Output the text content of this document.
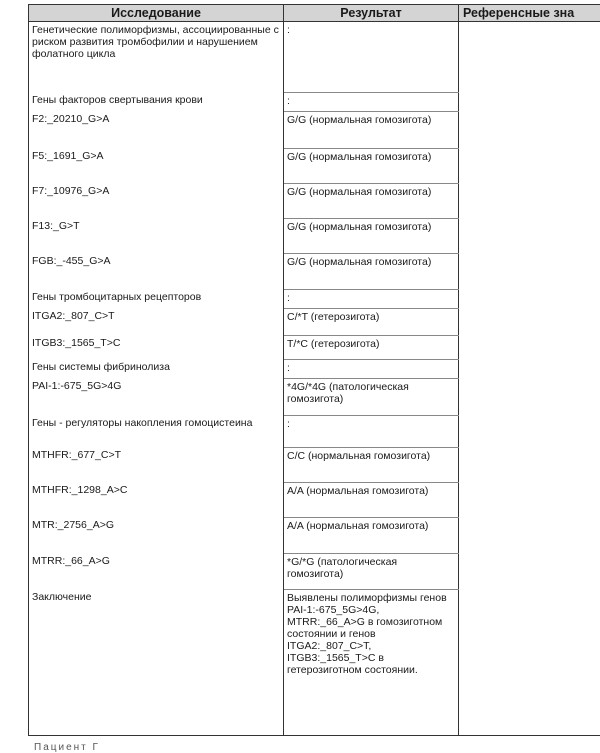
Исследование	Результат	Референсные зна
Генетические полиморфизмы, ассоциированные с риском развития тромбофилии и нарушением фолатного цикла	:	
Гены факторов свертывания крови	:	
F2:_20210_G>A	G/G (нормальная гомозигота)	
F5:_1691_G>A	G/G (нормальная гомозигота)	
F7:_10976_G>A	G/G (нормальная гомозигота)	
F13:_G>T	G/G (нормальная гомозигота)	
FGB:_-455_G>A	G/G (нормальная гомозигота)	
Гены тромбоцитарных рецепторов	:	
ITGA2:_807_C>T	C/*T (гетерозигота)	
ITGB3:_1565_T>C	T/*C (гетерозигота)	
Гены системы фибринолиза	:	
PAI-1:-675_5G>4G	*4G/*4G (патологическая гомозигота)	
Гены - регуляторы накопления гомоцистеина	:	
MTHFR:_677_C>T	C/C (нормальная гомозигота)	
MTHFR:_1298_A>C	A/A (нормальная гомозигота)	
MTR:_2756_A>G	A/A (нормальная гомозигота)	
MTRR:_66_A>G	*G/*G (патологическая гомозигота)	
Заключение	Выявлены полиморфизмы генов PAI-1:-675_5G>4G, MTRR:_66_A>G в гомозиготном состоянии и генов ITGA2:_807_C>T, ITGB3:_1565_T>C в гетерозиготном состоянии.	
Пациент Г
